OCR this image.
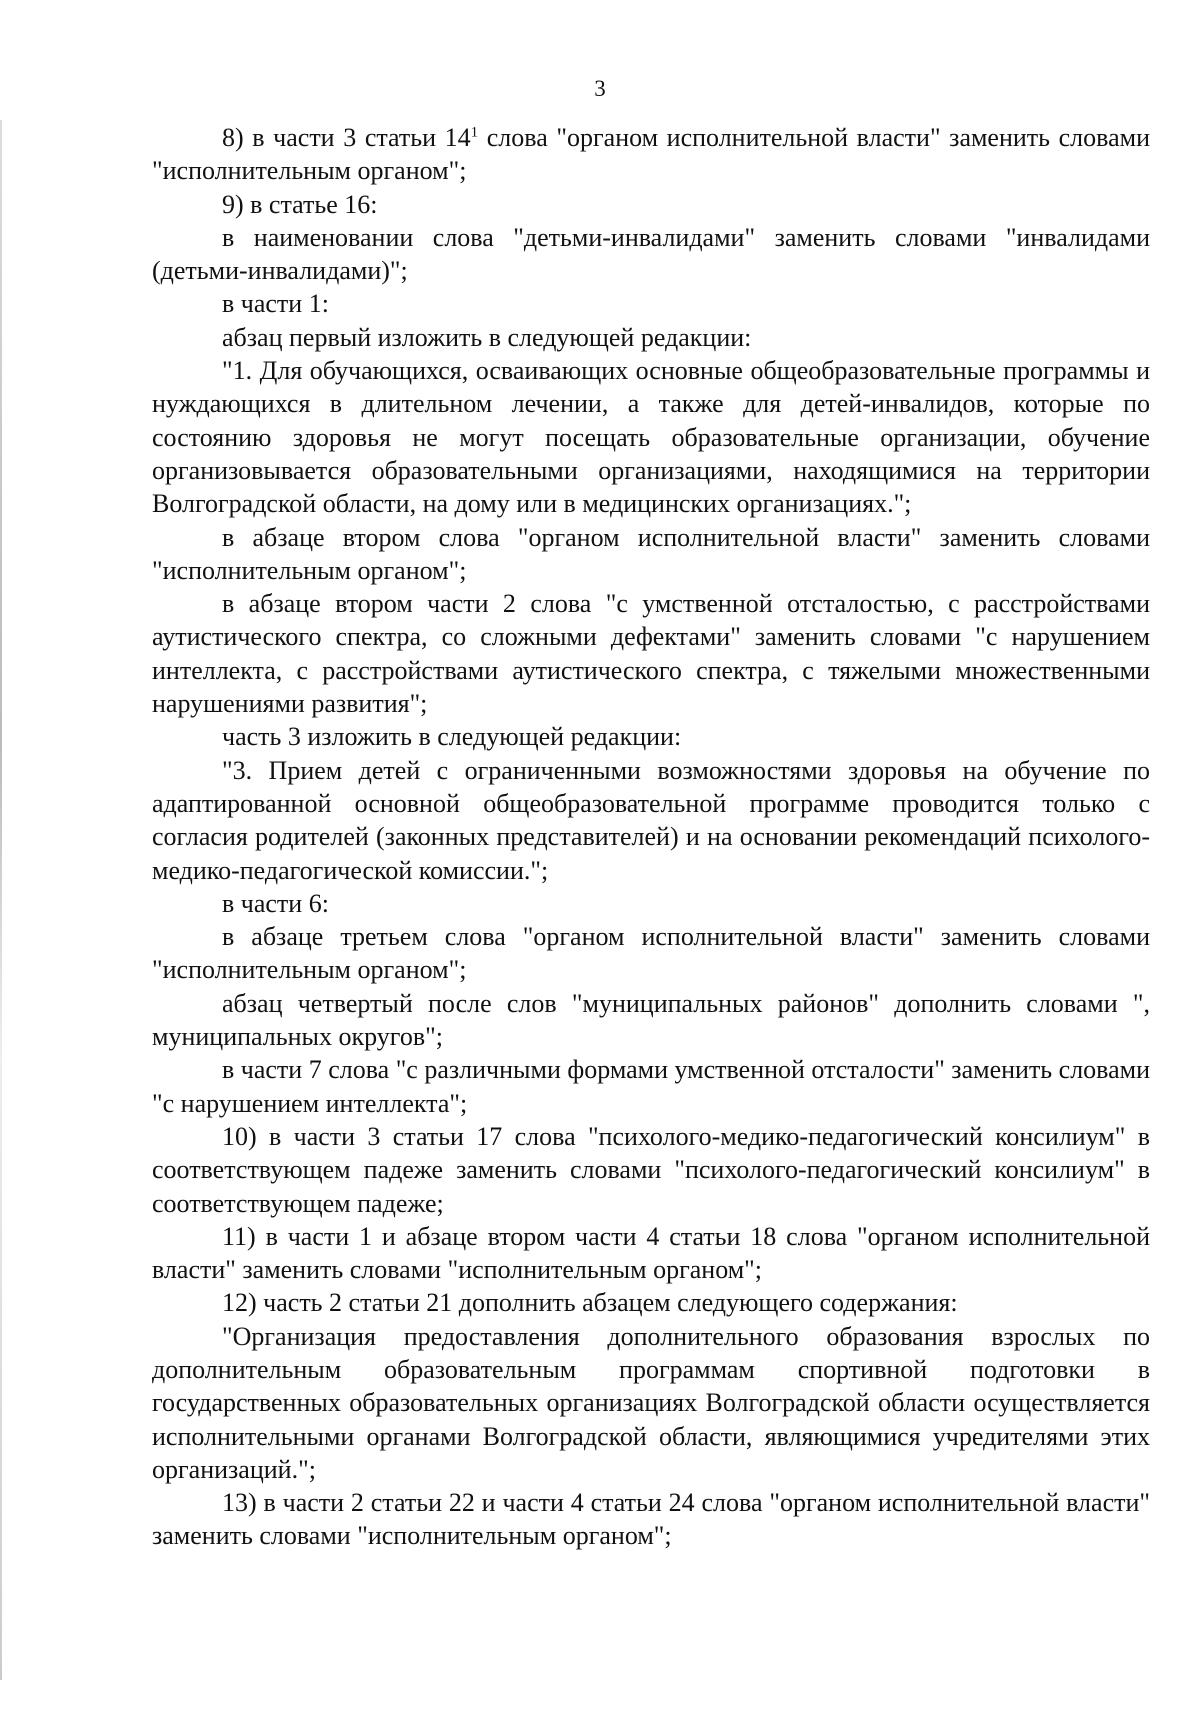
3

8) в части 3 статьи $14^1$ слова "органом исполнительной власти" заменить словами "исполнительным органом";

9) в статье 16:

в наименовании слова "детьми-инвалидами" заменить словами "инвалидами (детьми-инвалидами)";

в части 1:

абзац первый изложить в следующей редакции:

"1. Для обучающихся, осваивающих основные общеобразовательные программы и нуждающихся в длительном лечении, а также для детей-инвалидов, которые по состоянию здоровья не могут посещать образовательные организации, обучение организовывается образовательными организациями, находящимися на территории Волгоградской области, на дому или в медицинских организациях.";

в абзаце втором слова "органом исполнительной власти" заменить словами "исполнительным органом";

в абзаце втором части 2 слова "с умственной отсталостью, с расстройствами аутистического спектра, со сложными дефектами" заменить словами "с нарушением интеллекта, с расстройствами аутистического спектра, с тяжелыми множественными нарушениями развития";

часть 3 изложить в следующей редакции:

"3. Прием детей с ограниченными возможностями здоровья на обучение по адаптированной основной общеобразовательной программе проводится только с согласия родителей (законных представителей) и на основании рекомендаций психолого-медико-педагогической комиссии.";

в части 6:

в абзаце третьем слова "органом исполнительной власти" заменить словами "исполнительным органом";

абзац четвертый после слов "муниципальных районов" дополнить словами ", муниципальных округов";

в части 7 слова "с различными формами умственной отсталости" заменить словами "с нарушением интеллекта";

10) в части 3 статьи 17 слова "психолого-медико-педагогический консилиум" в соответствующем падеже заменить словами "психолого-педагогический консилиум" в соответствующем падеже;

11) в части 1 и абзаце втором части 4 статьи 18 слова "органом исполнительной власти" заменить словами "исполнительным органом";

12) часть 2 статьи 21 дополнить абзацем следующего содержания:

"Организация предоставления дополнительного образования взрослых по дополнительным образовательным программам спортивной подготовки в государственных образовательных организациях Волгоградской области осуществляется исполнительными органами Волгоградской области, являющимися учредителями этих организаций.";

13) в части 2 статьи 22 и части 4 статьи 24 слова "органом исполнительной власти" заменить словами "исполнительным органом";
